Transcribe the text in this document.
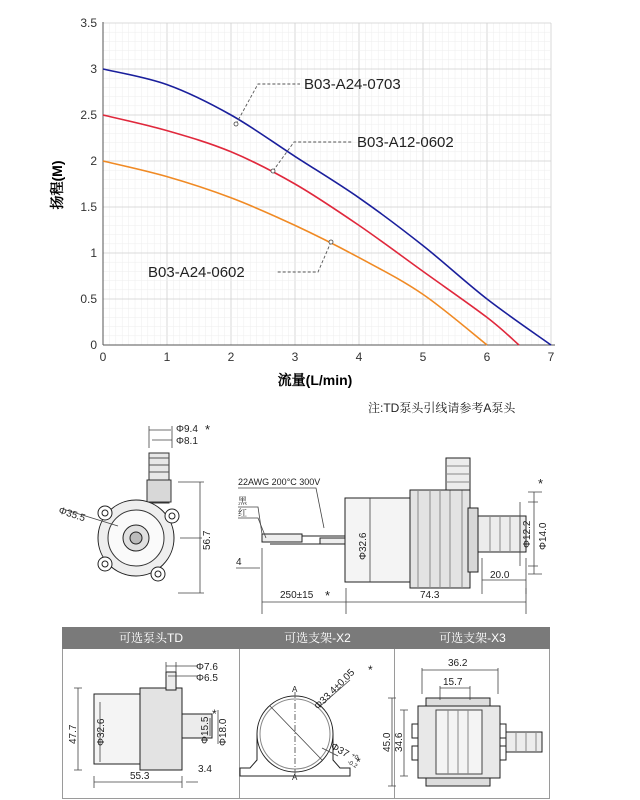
0
0.5
1
1.5
2
2.5
3
3.5
0	1	2	3	4	5	6	7
扬程(M)
流量(L/min)
B03-A24-0703
B03-A12-0602
B03-A24-0602
注:TD泵头引线请参考A泵头
Φ9.4 *
Φ8.1
Φ35.5
56.7
22AWG 200°C 300V
黑
红
Φ32.6	Φ12.2 Φ14.0
*
4
20.0
250±15 *	74.3
可选泵头TD	可选支架-X2	可选支架-X3
Φ7.6
Φ6.5
47.7 Φ32.6	Φ15.5
*
Φ18.0
55.3
3.4
A
A
Φ33.4±0.05 *
Φ37 +0
-0.2
*
36.2
15.7
45.0 34.6
